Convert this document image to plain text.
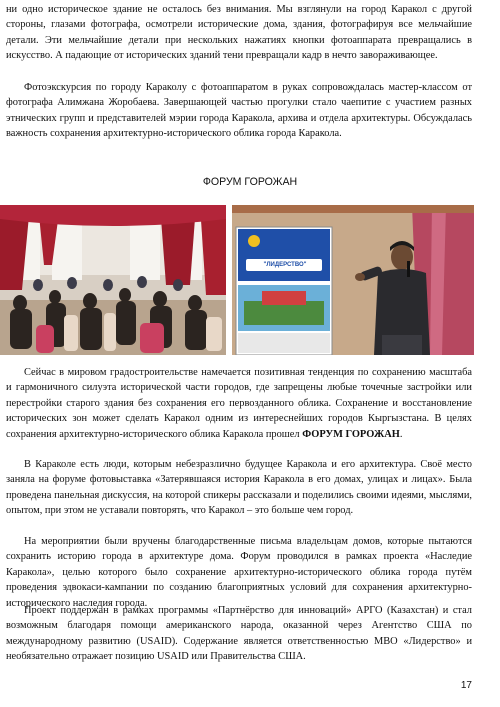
ни одно историческое здание не осталось без внимания. Мы взглянули на город Каракол с другой стороны, глазами фотографа, осмотрели исторические дома, здания, фотографируя все мельчайшие детали. Эти мельчайшие детали при нескольких нажатиях кнопки фотоаппарата превращались в искусство. А падающие от исторических зданий тени превращали кадр в нечто завораживающее.

Фотоэкскурсия по городу Караколу с фотоаппаратом в руках сопровождалась мастер-классом от фотографа Алимжана Жоробаева. Завершающей частью прогулки стало чаепитие с участием разных этнических групп и представителей мэрии города Каракола, архива и отдела архитектуры. Обсуждалась важность сохранения архитектурно-исторического облика города Каракола.

ФОРУМ ГОРОЖАН
"ЛИДЕРСТВО"

Сейчас в мировом градостроительстве намечается позитивная тенденция по сохранению масштаба и гармоничного силуэта исторической части городов, где запрещены любые точечные застройки или перестройки старого здания без сохранения его первозданного облика. Сохранение и восстановление исторических зон может сделать Каракол одним из интереснейших городов Кыргызстана. В целях сохранения архитектурно-исторического облика Каракола прошел ФОРУМ ГОРОЖАН.

В Караколе есть люди, которым небезразлично будущее Каракола и его архитектура. Своё место заняла на форуме фотовыставка «Затерявшаяся история Каракола в его домах, улицах и лицах». Была проведена панельная дискуссия, на которой спикеры рассказали и поделились своими идеями, мыслями, опытом, при этом не уставали повторять, что Каракол – это больше чем город.

На мероприятии были вручены благодарственные письма владельцам домов, которые пытаются сохранить историю города в архитектуре дома. Форум проводился в рамках проекта «Наследие Каракола», целью которого было сохранение архитектурно-исторического облика города путём проведения эдвокаси-кампании по созданию благоприятных условий для сохранения архитектурно-исторического наследия города.

Проект поддержан в рамках программы «Партнёрство для инноваций» АРГО (Казахстан) и стал возможным благодаря помощи американского народа, оказанной через Агентство США по международному развитию (USAID). Содержание является ответственностью МВО «Лидерство» и необязательно отражает позицию USAID или Правительства США.

17
